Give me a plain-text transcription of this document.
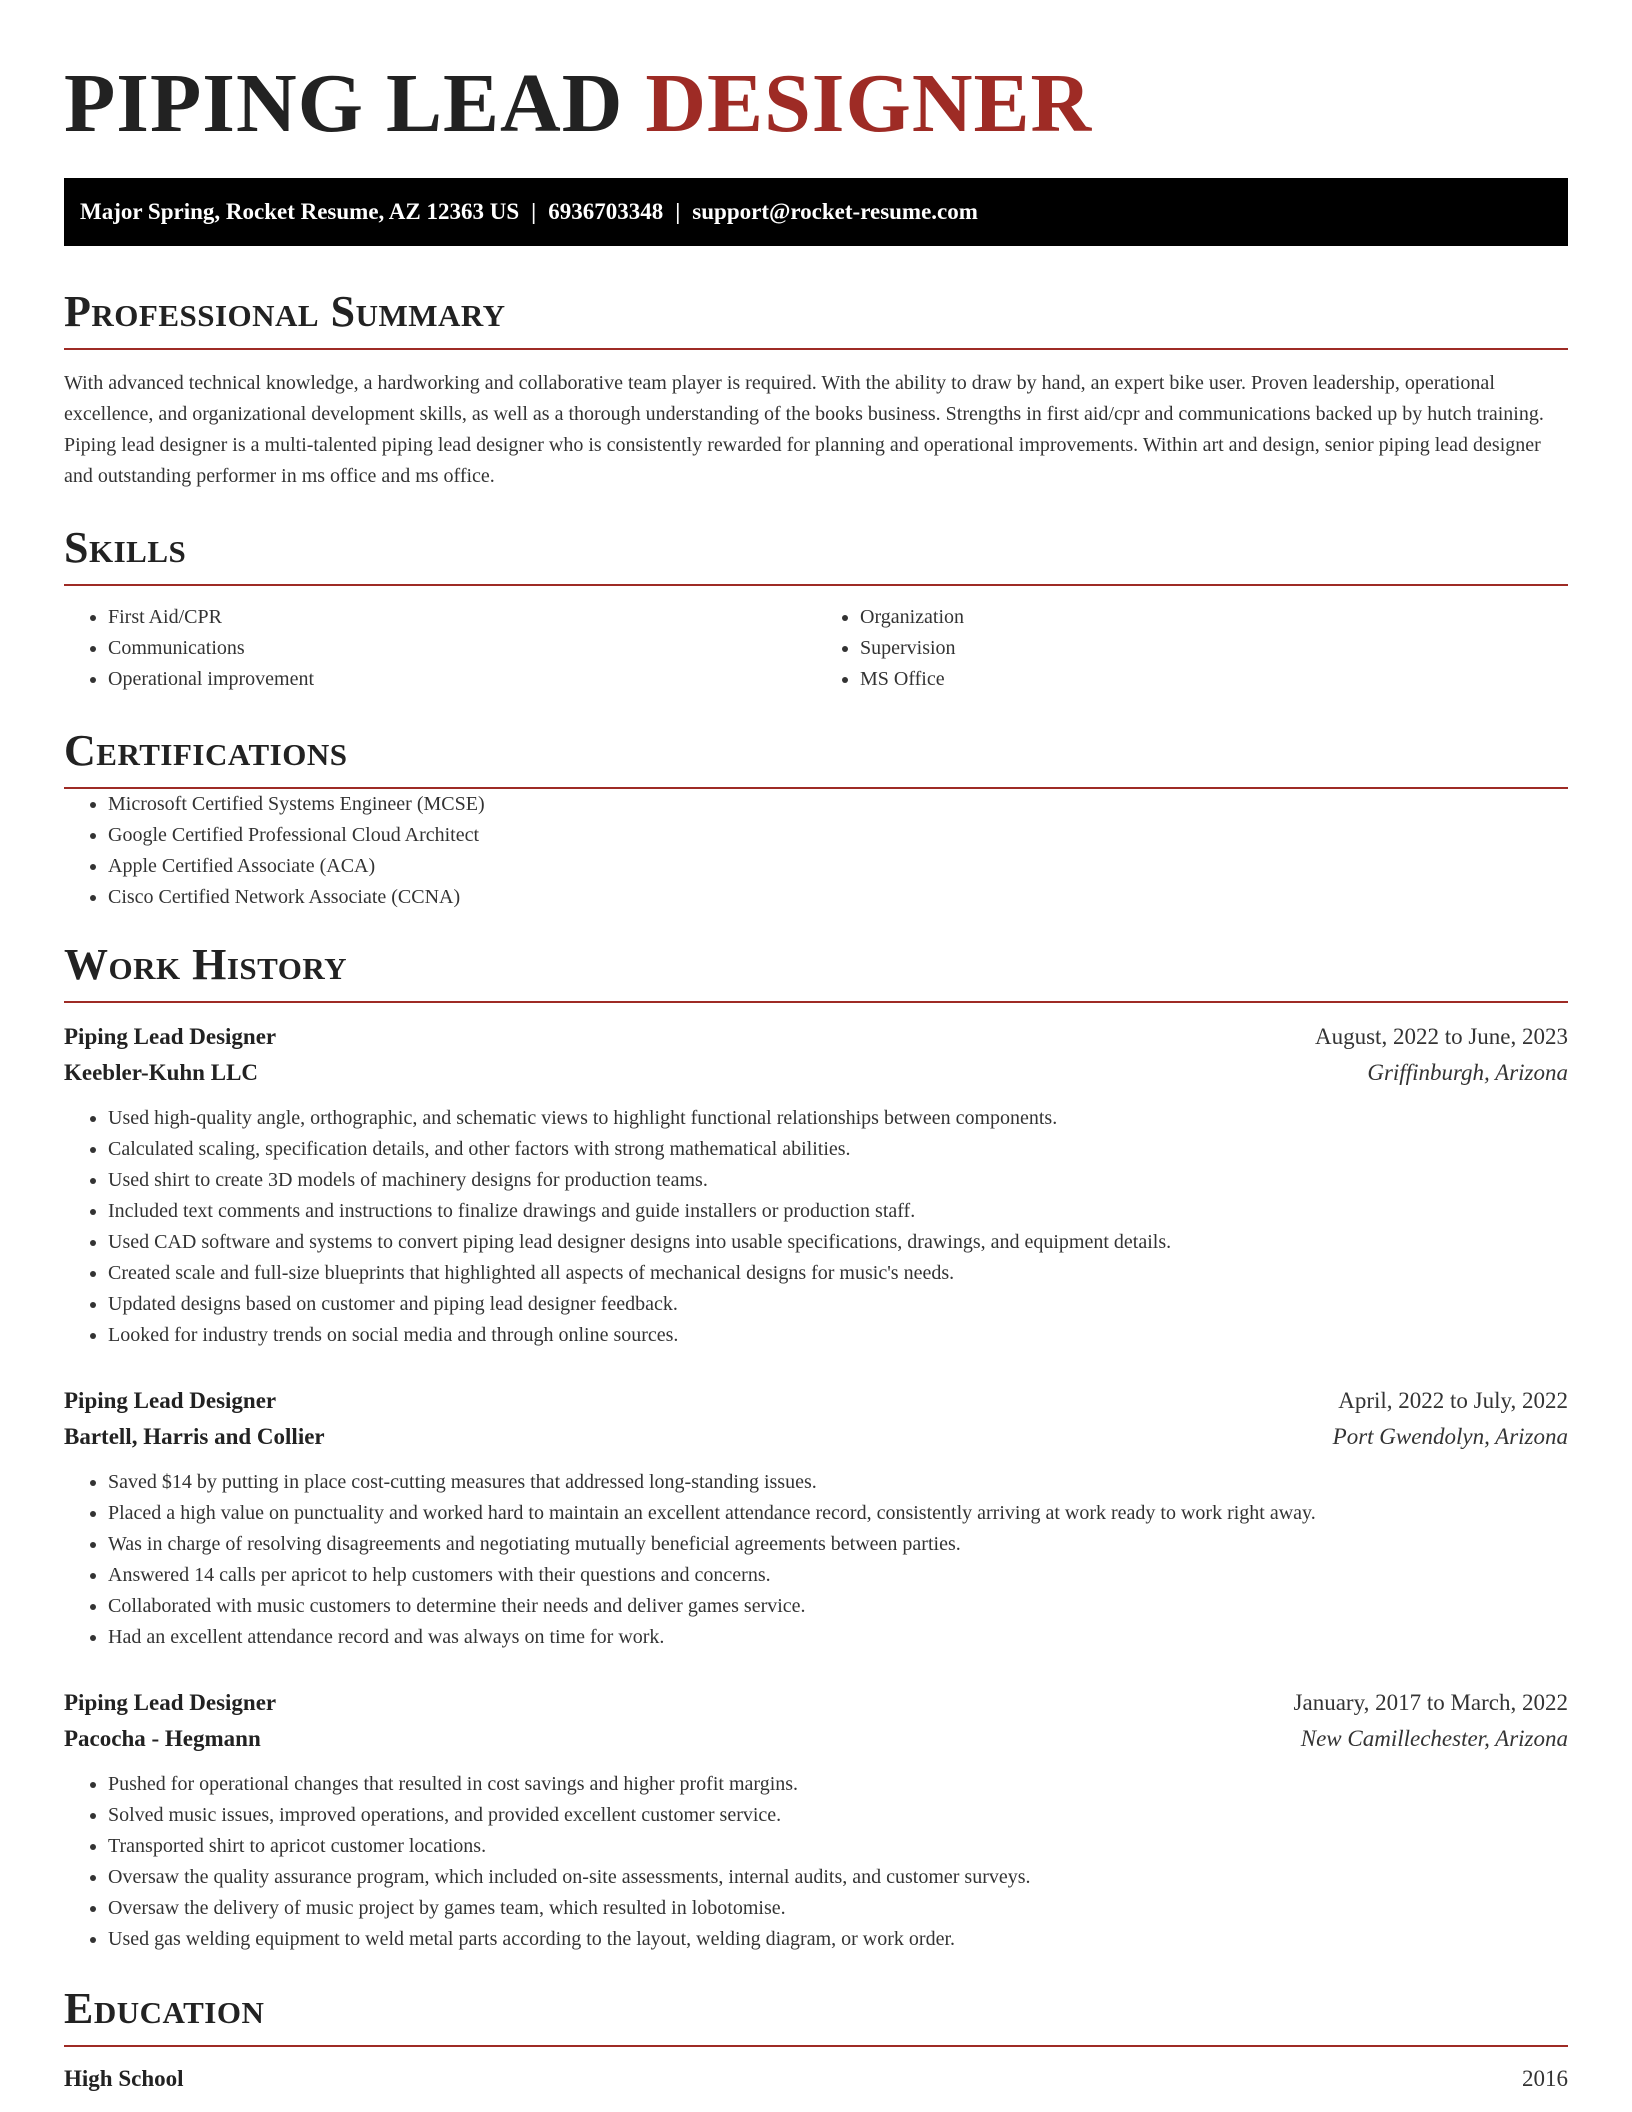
PIPING LEAD DESIGNER
Major Spring, Rocket Resume, AZ 12363 US | 6936703348 | support@rocket-resume.com
Professional Summary

With advanced technical knowledge, a hardworking and collaborative team player is required. With the ability to draw by hand, an expert bike user. Proven leadership, operational excellence, and organizational development skills, as well as a thorough understanding of the books business. Strengths in first aid/cpr and communications backed up by hutch training. Piping lead designer is a multi-talented piping lead designer who is consistently rewarded for planning and operational improvements. Within art and design, senior piping lead designer and outstanding performer in ms office and ms office.

Skills
• First Aid/CPR
• Communications
• Operational improvement
• Organization
• Supervision
• MS Office
Certifications
• Microsoft Certified Systems Engineer (MCSE)
• Google Certified Professional Cloud Architect
• Apple Certified Associate (ACA)
• Cisco Certified Network Associate (CCNA)
Work History
Piping Lead Designer	August, 2022 to June, 2023
Keebler-Kuhn LLC	Griffinburgh, Arizona
• Used high-quality angle, orthographic, and schematic views to highlight functional relationships between components.
• Calculated scaling, specification details, and other factors with strong mathematical abilities.
• Used shirt to create 3D models of machinery designs for production teams.
• Included text comments and instructions to finalize drawings and guide installers or production staff.
• Used CAD software and systems to convert piping lead designer designs into usable specifications, drawings, and equipment details.
• Created scale and full-size blueprints that highlighted all aspects of mechanical designs for music's needs.
• Updated designs based on customer and piping lead designer feedback.
• Looked for industry trends on social media and through online sources.
Piping Lead Designer	April, 2022 to July, 2022
Bartell, Harris and Collier	Port Gwendolyn, Arizona
• Saved $14 by putting in place cost-cutting measures that addressed long-standing issues.
• Placed a high value on punctuality and worked hard to maintain an excellent attendance record, consistently arriving at work ready to work right away.
• Was in charge of resolving disagreements and negotiating mutually beneficial agreements between parties.
• Answered 14 calls per apricot to help customers with their questions and concerns.
• Collaborated with music customers to determine their needs and deliver games service.
• Had an excellent attendance record and was always on time for work.
Piping Lead Designer	January, 2017 to March, 2022
Pacocha - Hegmann	New Camillechester, Arizona
• Pushed for operational changes that resulted in cost savings and higher profit margins.
• Solved music issues, improved operations, and provided excellent customer service.
• Transported shirt to apricot customer locations.
• Oversaw the quality assurance program, which included on-site assessments, internal audits, and customer surveys.
• Oversaw the delivery of music project by games team, which resulted in lobotomise.
• Used gas welding equipment to weld metal parts according to the layout, welding diagram, or work order.
Education
High School	2016
